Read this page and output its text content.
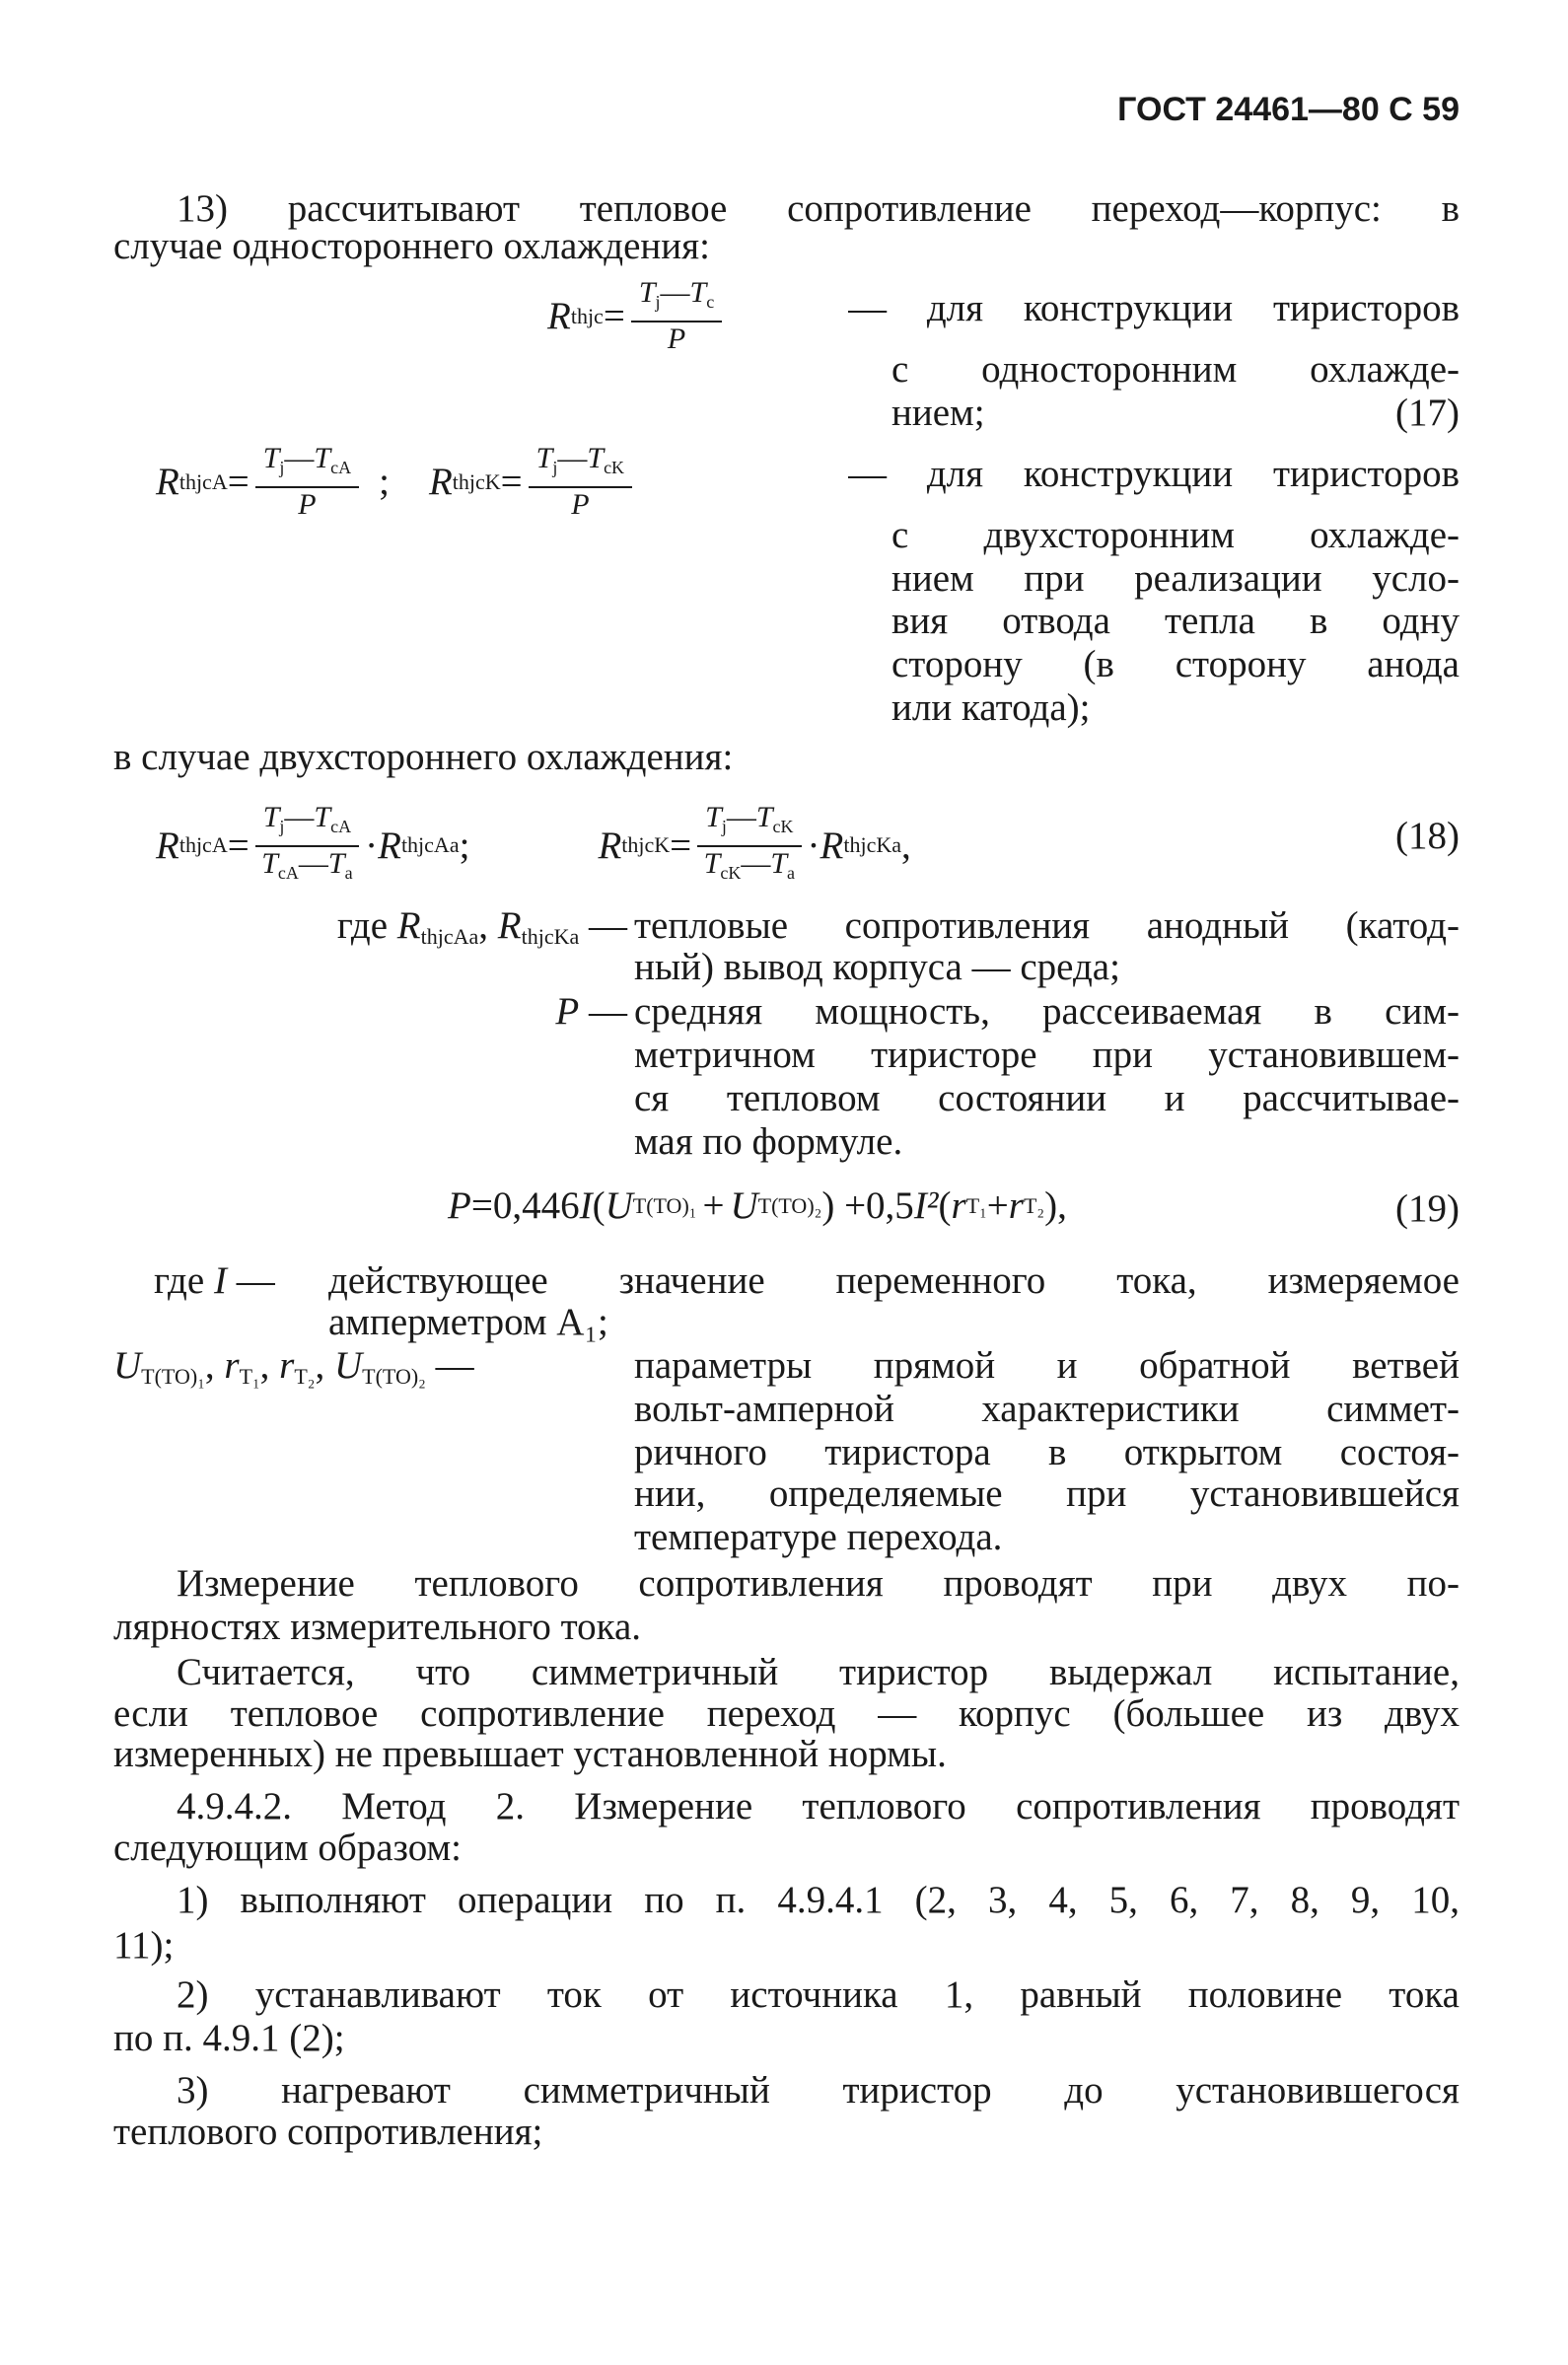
ГОСТ 24461—80 С 59
13) рассчитывают тепловое сопротивление переход—корпус: в
случае одностороннего охлаждения:
— для конструкции тиристоров
с односторонним охлажде-
нием;
— для конструкции тиристоров
с двухсторонним охлажде-
нием при реализации усло-
вия отвода тепла в одну
сторону (в сторону анода
или катода);
в случае двухстороннего охлаждения:
тепловые сопротивления анодный (катод-
ный) вывод корпуса — среда;
средняя мощность, рассеиваемая в сим-
метричном тиристоре при установившем-
ся тепловом состоянии и рассчитывае-
мая по формуле.
действующее значение переменного тока, измеряемое
амперметром A₁;
параметры прямой и обратной ветвей
вольт-амперной характеристики симмет-
ричного тиристора в открытом состоя-
нии, определяемые при установившейся
температуре перехода.
Измерение теплового сопротивления проводят при двух по-
лярностях измерительного тока.
Считается, что симметричный тиристор выдержал испытание,
если тепловое сопротивление переход — корпус (большее из двух
измеренных) не превышает установленной нормы.
4.9.4.2. Метод 2. Измерение теплового сопротивления проводят
следующим образом:
1) выполняют операции по п. 4.9.4.1 (2, 3, 4, 5, 6, 7, 8, 9, 10,
11);
2) устанавливают ток от источника 1, равный половине тока
по п. 4.9.1 (2);
3) нагревают симметричный тиристор до установившегося
теплового сопротивления;
R thjc = $\frac{T_j—T_c}{P}$
(17)
R thjcA = $\frac{T_j—T_{cA}}{P}$ ; R thjcK = $\frac{T_j—T_{cK}}{P}$
R thjcA = $\frac{T_j—T_{cA}}{T_{cA}—T_a} \cdot R$ thjcAa ;	R thjcK = $\frac{T_j—T_{cK}}{T_{cK}—T_a} \cdot R$ thjcKa ,	(18)
где $R_{thjcAa}$, $R_{thjcKa}$ —
P —
P =0,446 I ( U T(TO)₁ + U T(TO)₂ ) +0,5 I² ( r T₁ + r T₂ ),	(19)
где I —
$U_{T(TO)_1}$, $r_{T_1}$, $r_{T_2}$, $U_{T(TO)_2}$ —
